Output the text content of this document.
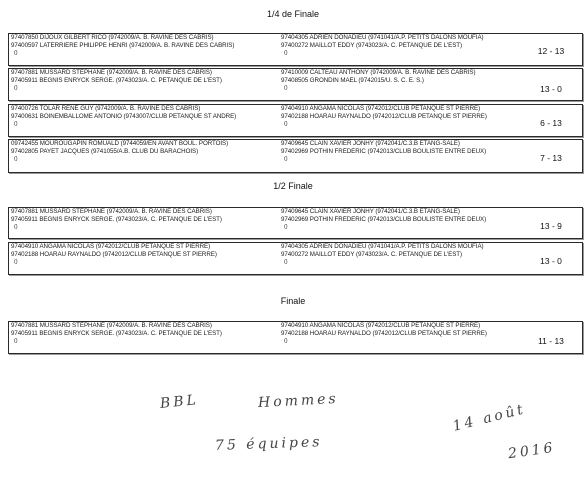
1/4 de Finale
1/2 Finale
Finale
97407850 DIJOUX GILBERT RICO (9742009/A. B. RAVINE DES CABRIS)
97400597 LATERRIERE PHILIPPE HENRI (9742009/A. B. RAVINE DES CABRIS)
()
97404305 ADRIEN DONADIEU (9741041/A.P. PETITS DALONS MOUFIA)
97400272 MAILLOT EDDY (9743023/A. C. PETANQUE DE L'EST)
()	12 - 13
97407881 MUSSARD STÉPHANE (9742009/A. B. RAVINE DES CABRIS)
97405911 BEGNIS ENRYCK SERGE. (9743023/A. C. PETANQUE DE L'EST)
()
97410009 CALTEAU ANTHONY (9742009/A. B. RAVINE DES CABRIS)
97408505 GRONDIN MAËL (9742015/U. S. C. E. S.)
()	13 - 0
97400726 TOLAR RENÉ GUY (9742009/A. B. RAVINE DES CABRIS)
97400631 BOINEMBALLOME ANTONIO (9743007/CLUB PETANQUE ST ANDRE)
()
97404910 ANGAMA NICOLAS (9742012/CLUB PETANQUE ST PIERRE)
97402188 HOARAU RAYNALDO (9742012/CLUB PETANQUE ST PIERRE)
()	6 - 13
09742455 MOUROUGAPIN ROMUALD (9744059/EN AVANT BOUL. PORTOIS)
97402805 PAYET JACQUES (9741055/A.B. CLUB DU BARACHOIS)
()
97409645 CLAIN XAVIER JONHY (9742041/C.3.B ETANG-SALE)
97402969 POTHIN FRÉDÉRIC (9742013/CLUB BOULISTE ENTRE DEUX)
()	7 - 13
97407881 MUSSARD STÉPHANE (9742009/A. B. RAVINE DES CABRIS)
97405911 BEGNIS ENRYCK SERGE. (9743023/A. C. PETANQUE DE L'EST)
()
97409645 CLAIN XAVIER JONHY (9742041/C.3.B ETANG-SALE)
97402969 POTHIN FRÉDÉRIC (9742013/CLUB BOULISTE ENTRE DEUX)
()	13 - 9
97404910 ANGAMA NICOLAS (9742012/CLUB PETANQUE ST PIERRE)
97402188 HOARAU RAYNALDO (9742012/CLUB PETANQUE ST PIERRE)
()
97404305 ADRIEN DONADIEU (9741041/A.P. PETITS DALONS MOUFIA)
97400272 MAILLOT EDDY (9743023/A. C. PETANQUE DE L'EST)
()	13 - 0
97407881 MUSSARD STÉPHANE (9742009/A. B. RAVINE DES CABRIS)
97405911 BEGNIS ENRYCK SERGE. (9743023/A. C. PETANQUE DE L'EST)
()
97404910 ANGAMA NICOLAS (9742012/CLUB PETANQUE ST PIERRE)
97402188 HOARAU RAYNALDO (9742012/CLUB PETANQUE ST PIERRE)
()	11 - 13
BBL	Hommes
14 août
75 équipes	2016
